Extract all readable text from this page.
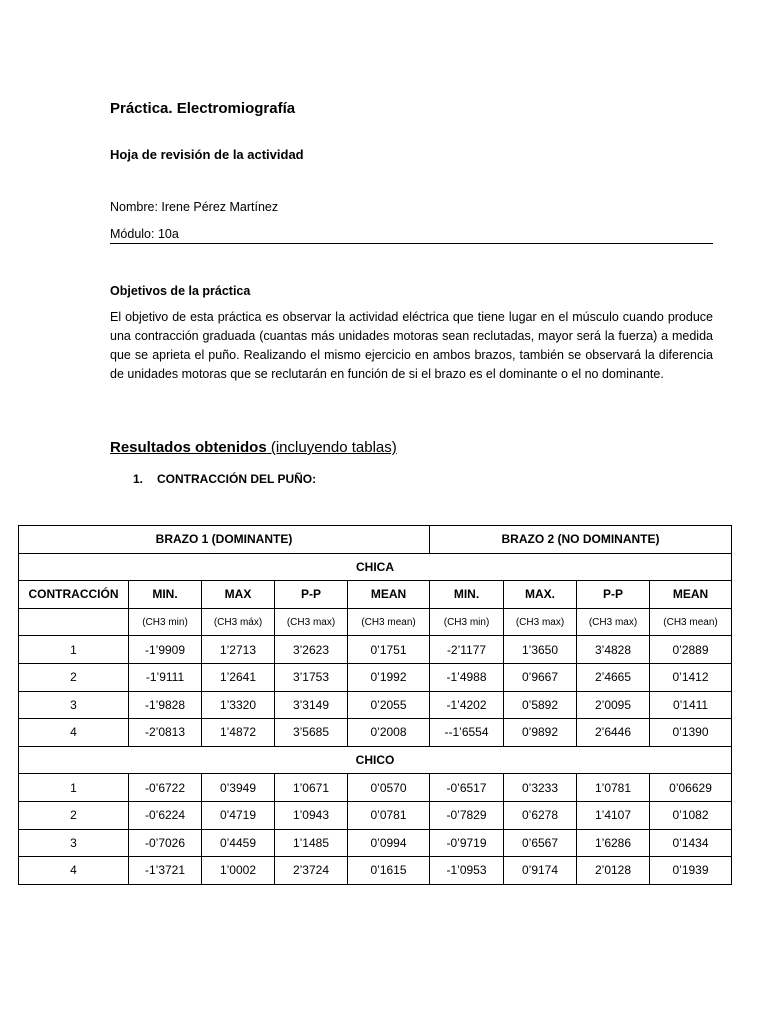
Práctica. Electromiografía
Hoja de revisión de la actividad
Nombre: Irene Pérez Martínez
Módulo: 10a
Objetivos de la práctica
El objetivo de esta práctica es observar la actividad eléctrica que tiene lugar en el músculo cuando produce una contracción graduada (cuantas más unidades motoras sean reclutadas, mayor será la fuerza) a medida que se aprieta el puño. Realizando el mismo ejercicio en ambos brazos, también se observará la diferencia de unidades motoras que se reclutarán en función de si el brazo es el dominante o el no dominante.
Resultados obtenidos (incluyendo tablas)
1. CONTRACCIÓN DEL PUÑO:
BRAZO 1 (DOMINANTE)					BRAZO 2 (NO DOMINANTE)			
CHICA								
CONTRACCIÓN	MIN.	MAX	P-P	MEAN	MIN.	MAX.	P-P	MEAN
	(CH3 min)	(CH3 máx)	(CH3 max)	(CH3 mean)	(CH3 min)	(CH3 max)	(CH3 max)	(CH3 mean)
1	-1’9909	1’2713	3’2623	0’1751	-2’1177	1’3650	3’4828	0’2889
2	-1’9111	1’2641	3’1753	0’1992	-1’4988	0’9667	2’4665	0’1412
3	-1’9828	1’3320	3’3149	0’2055	-1’4202	0’5892	2’0095	0’1411
4	-2’0813	1’4872	3’5685	0’2008	--1’6554	0’9892	2’6446	0’1390
CHICO								
1	-0’6722	0’3949	1’0671	0’0570	-0’6517	0’3233	1’0781	0’06629
2	-0’6224	0’4719	1’0943	0’0781	-0’7829	0’6278	1’4107	0’1082
3	-0’7026	0’4459	1’1485	0’0994	-0’9719	0’6567	1’6286	0’1434
4	-1’3721	1’0002	2’3724	0’1615	-1’0953	0’9174	2’0128	0’1939
